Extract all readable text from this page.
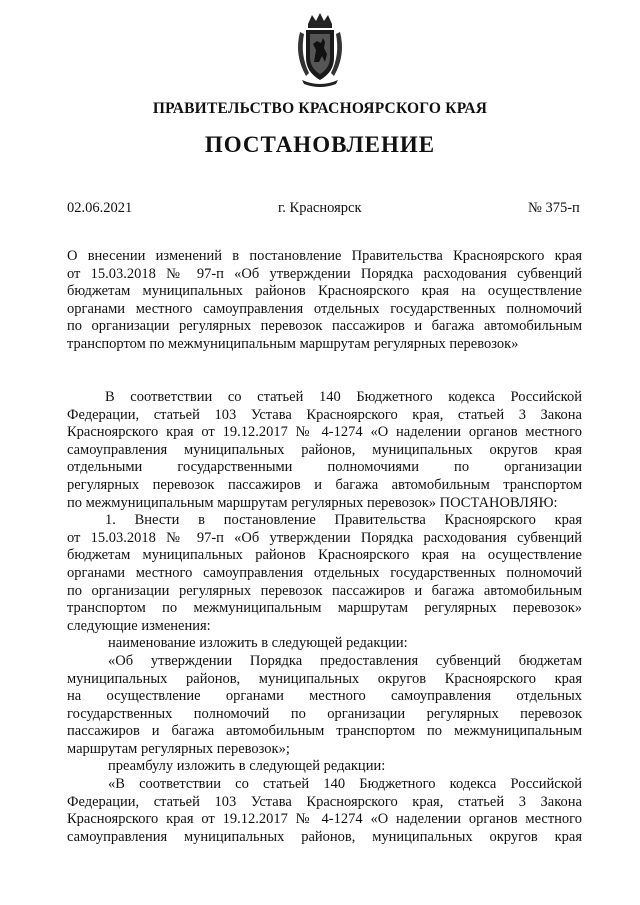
ПРАВИТЕЛЬСТВО КРАСНОЯРСКОГО КРАЯ
ПОСТАНОВЛЕНИЕ
02.06.2021	г. Красноярск	№ 375-п
О внесении изменений в постановление Правительства Красноярского края
от 15.03.2018 № 97-п «Об утверждении Порядка расходования субвенций
бюджетам муниципальных районов Красноярского края на осуществление
органами местного самоуправления отдельных государственных полномочий
по организации регулярных перевозок пассажиров и багажа автомобильным
транспортом по межмуниципальным маршрутам регулярных перевозок»
В соответствии со статьей 140 Бюджетного кодекса Российской
Федерации, статьей 103 Устава Красноярского края, статьей 3 Закона
Красноярского края от 19.12.2017 № 4-1274 «О наделении органов местного
самоуправления муниципальных районов, муниципальных округов края
отдельными государственными полномочиями по организации
регулярных перевозок пассажиров и багажа автомобильным транспортом
по межмуниципальным маршрутам регулярных перевозок» ПОСТАНОВЛЯЮ:
1. Внести в постановление Правительства Красноярского края
от 15.03.2018 № 97-п «Об утверждении Порядка расходования субвенций
бюджетам муниципальных районов Красноярского края на осуществление
органами местного самоуправления отдельных государственных полномочий
по организации регулярных перевозок пассажиров и багажа автомобильным
транспортом по межмуниципальным маршрутам регулярных перевозок»
следующие изменения:
наименование изложить в следующей редакции:
«Об утверждении Порядка предоставления субвенций бюджетам
муниципальных районов, муниципальных округов Красноярского края
на осуществление органами местного самоуправления отдельных
государственных полномочий по организации регулярных перевозок
пассажиров и багажа автомобильным транспортом по межмуниципальным
маршрутам регулярных перевозок»;
преамбулу изложить в следующей редакции:
«В соответствии со статьей 140 Бюджетного кодекса Российской
Федерации, статьей 103 Устава Красноярского края, статьей 3 Закона
Красноярского края от 19.12.2017 № 4-1274 «О наделении органов местного
самоуправления муниципальных районов, муниципальных округов края
